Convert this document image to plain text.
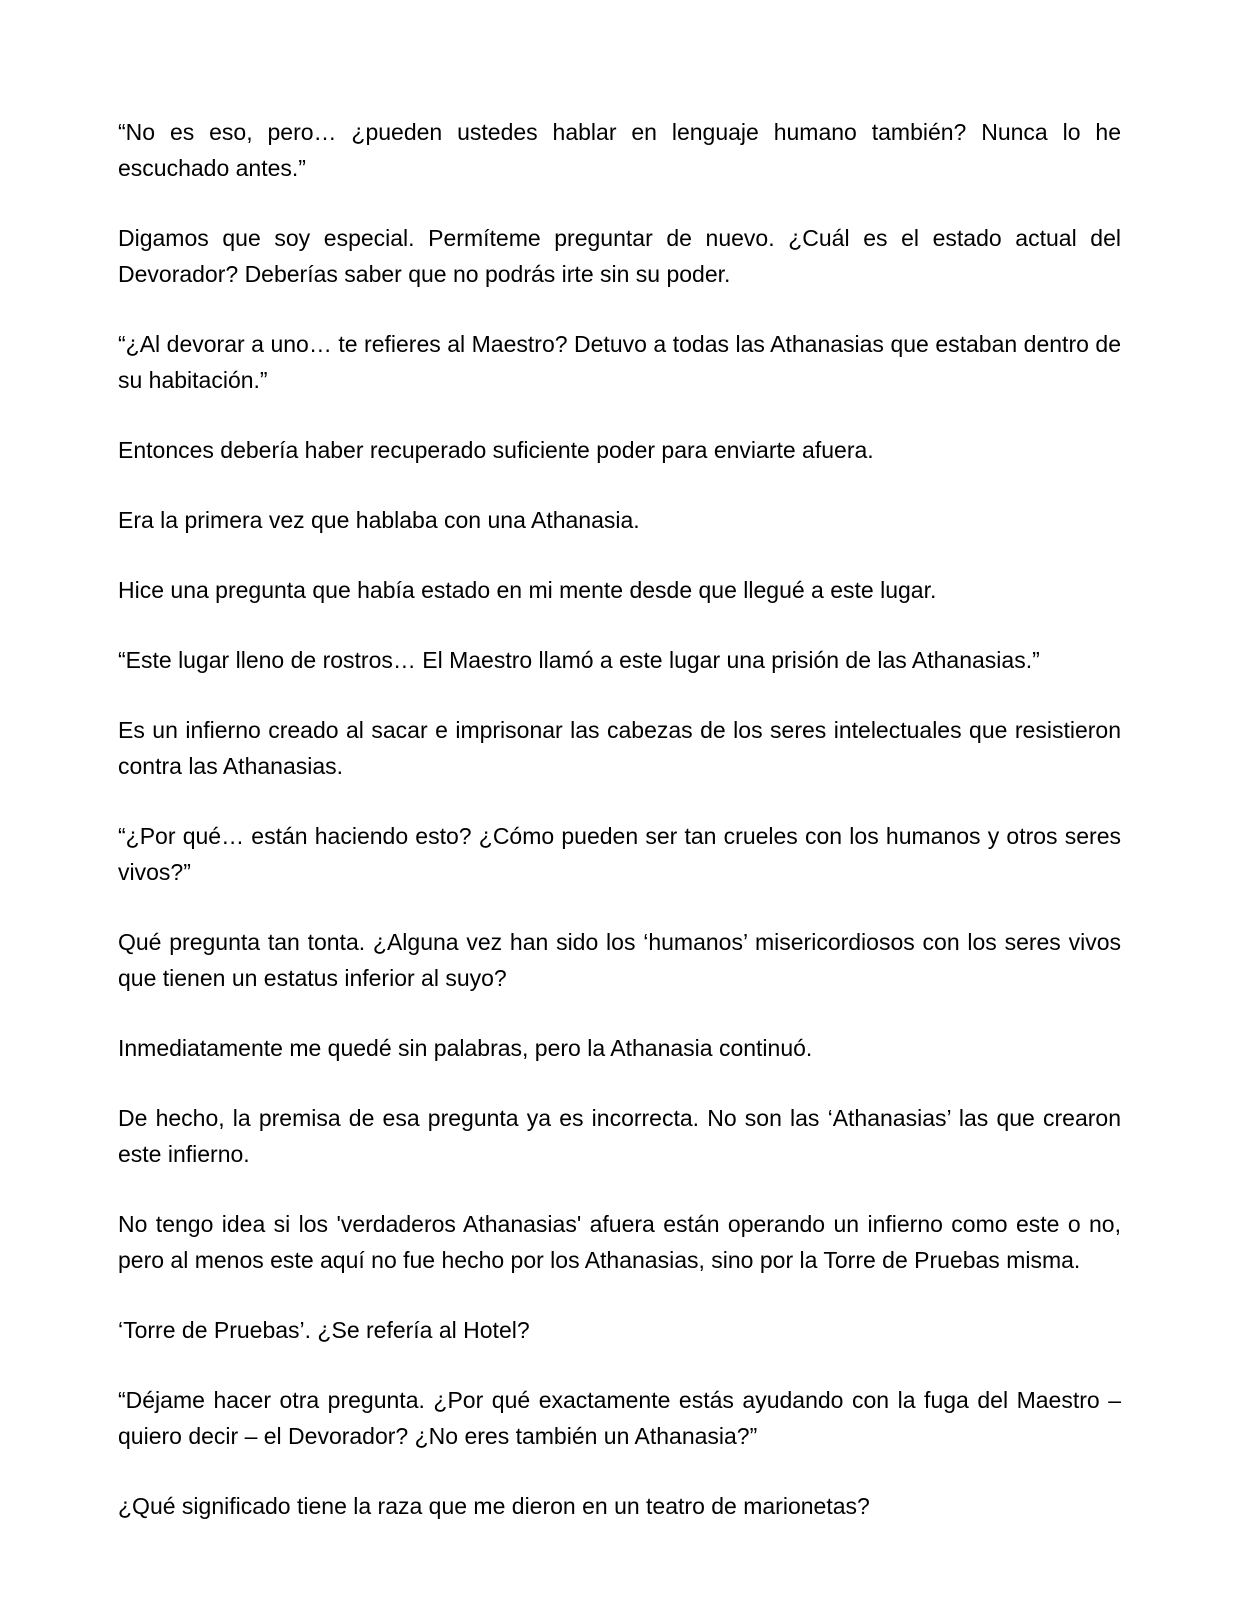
“No es eso, pero… ¿pueden ustedes hablar en lenguaje humano también? Nunca lo he escuchado antes.”

Digamos que soy especial. Permíteme preguntar de nuevo. ¿Cuál es el estado actual del Devorador? Deberías saber que no podrás irte sin su poder.

“¿Al devorar a uno… te refieres al Maestro? Detuvo a todas las Athanasias que estaban dentro de su habitación.”

Entonces debería haber recuperado suficiente poder para enviarte afuera.

Era la primera vez que hablaba con una Athanasia.

Hice una pregunta que había estado en mi mente desde que llegué a este lugar.

“Este lugar lleno de rostros… El Maestro llamó a este lugar una prisión de las Athanasias.”

Es un infierno creado al sacar e imprisonar las cabezas de los seres intelectuales que resistieron contra las Athanasias.

“¿Por qué… están haciendo esto? ¿Cómo pueden ser tan crueles con los humanos y otros seres vivos?”

Qué pregunta tan tonta. ¿Alguna vez han sido los ‘humanos’ misericordiosos con los seres vivos que tienen un estatus inferior al suyo?

Inmediatamente me quedé sin palabras, pero la Athanasia continuó.

De hecho, la premisa de esa pregunta ya es incorrecta. No son las ‘Athanasias’ las que crearon este infierno.

No tengo idea si los 'verdaderos Athanasias' afuera están operando un infierno como este o no, pero al menos este aquí no fue hecho por los Athanasias, sino por la Torre de Pruebas misma.

‘Torre de Pruebas’. ¿Se refería al Hotel?

“Déjame hacer otra pregunta. ¿Por qué exactamente estás ayudando con la fuga del Maestro – quiero decir – el Devorador? ¿No eres también un Athanasia?”

¿Qué significado tiene la raza que me dieron en un teatro de marionetas?
